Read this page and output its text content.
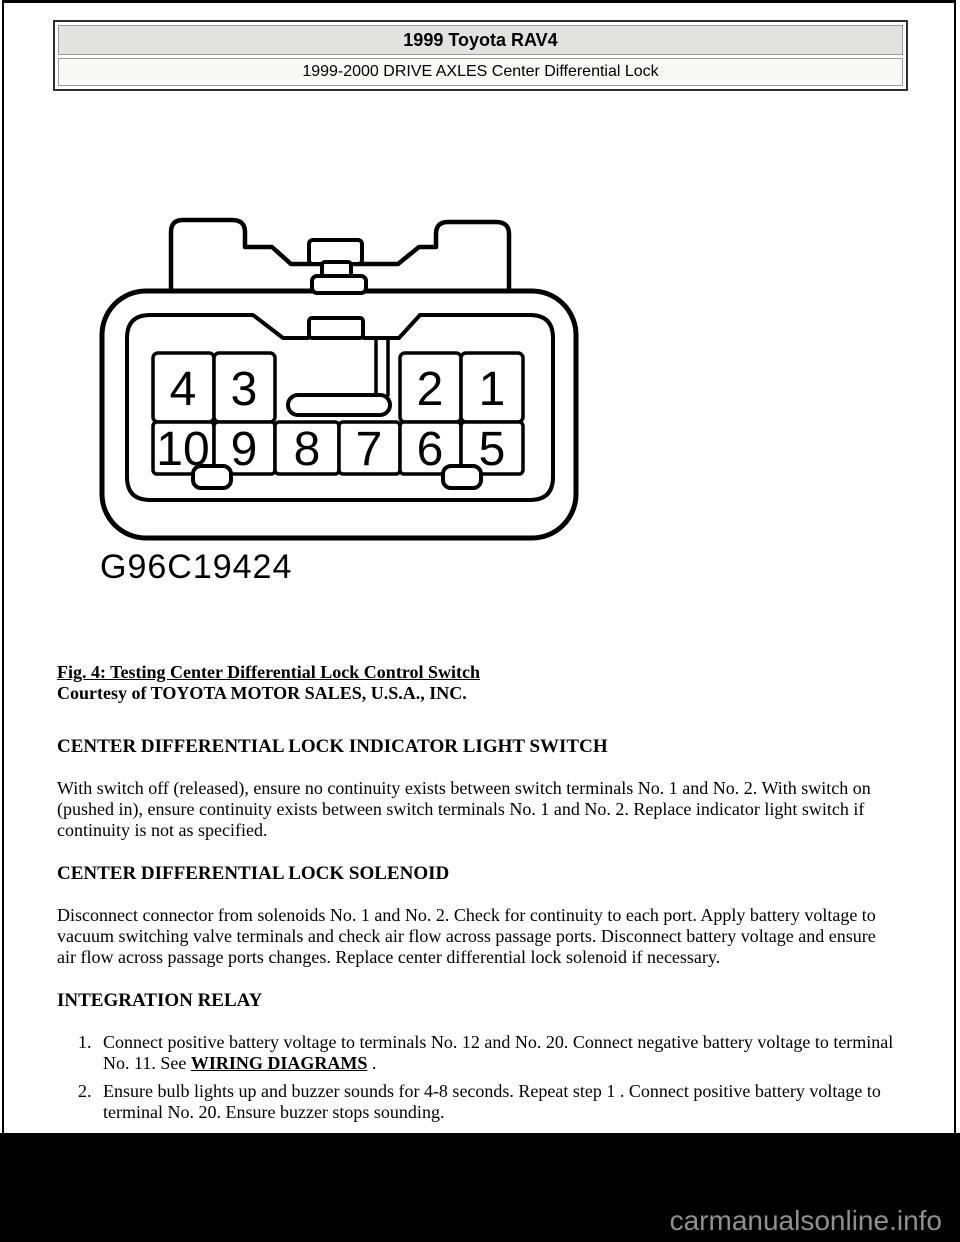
1999 Toyota RAV4
1999-2000 DRIVE AXLES Center Differential Lock
4 3	2 1
10 9 8 7 6 5
G96C19424
Fig. 4: Testing Center Differential Lock Control Switch
Courtesy of TOYOTA MOTOR SALES, U.S.A., INC.
CENTER DIFFERENTIAL LOCK INDICATOR LIGHT SWITCH

With switch off (released), ensure no continuity exists between switch terminals No. 1 and No. 2. With switch on (pushed in), ensure continuity exists between switch terminals No. 1 and No. 2. Replace indicator light switch if continuity is not as specified.

CENTER DIFFERENTIAL LOCK SOLENOID

Disconnect connector from solenoids No. 1 and No. 2. Check for continuity to each port. Apply battery voltage to vacuum switching valve terminals and check air flow across passage ports. Disconnect battery voltage and ensure air flow across passage ports changes. Replace center differential lock solenoid if necessary.

INTEGRATION RELAY
1. Connect positive battery voltage to terminals No. 12 and No. 20. Connect negative battery voltage to terminal No. 11. See WIRING DIAGRAMS .
2. Ensure bulb lights up and buzzer sounds for 4-8 seconds. Repeat step 1 . Connect positive battery voltage to terminal No. 20. Ensure buzzer stops sounding.
carmanualsonline.info
